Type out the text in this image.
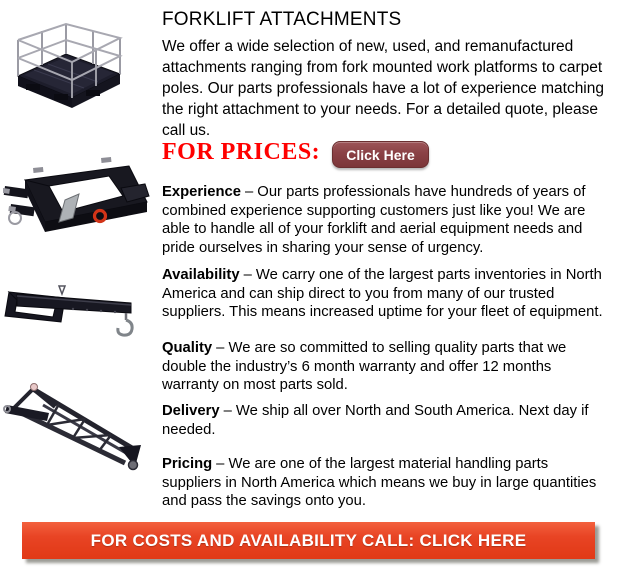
FORKLIFT ATTACHMENTS

We offer a wide selection of new, used, and remanufactured attachments ranging from fork mounted work platforms to carpet poles. Our parts professionals have a lot of experience matching the right attachment to your needs. For a detailed quote, please call us.

FOR PRICES:	Click Here

Experience – Our parts professionals have hundreds of years of combined experience supporting customers just like you! We are able to handle all of your forklift and aerial equipment needs and pride ourselves in sharing your sense of urgency.

Availability – We carry one of the largest parts inventories in North America and can ship direct to you from many of our trusted suppliers. This means increased uptime for your fleet of equipment.

Quality – We are so committed to selling quality parts that we double the industry’s 6 month warranty and offer 12 months warranty on most parts sold.

Delivery – We ship all over North and South America. Next day if needed.

Pricing – We are one of the largest material handling parts suppliers in North America which means we buy in large quantities and pass the savings onto you.

FOR COSTS AND AVAILABILITY CALL: CLICK HERE
